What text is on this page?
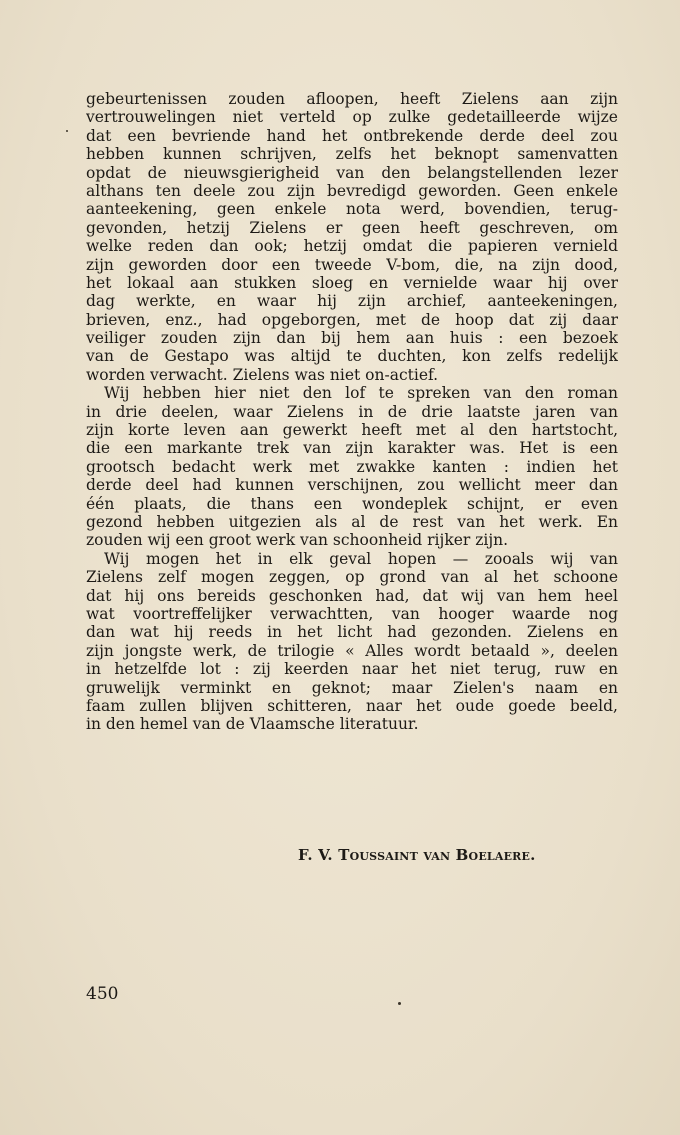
gebeurtenissen zouden afloopen, heeft Zielens aan zijn
vertrouwelingen niet verteld op zulke gedetailleerde wijze
dat een bevriende hand het ontbrekende derde deel zou
hebben kunnen schrijven, zelfs het beknopt samenvatten
opdat de nieuwsgierigheid van den belangstellenden lezer
althans ten deele zou zijn bevredigd geworden. Geen enkele
aanteekening, geen enkele nota werd, bovendien, terug-
gevonden, hetzij Zielens er geen heeft geschreven, om
welke reden dan ook; hetzij omdat die papieren vernield
zijn geworden door een tweede V-bom, die, na zijn dood,
het lokaal aan stukken sloeg en vernielde waar hij over
dag werkte, en waar hij zijn archief, aanteekeningen,
brieven, enz., had opgeborgen, met de hoop dat zij daar
veiliger zouden zijn dan bij hem aan huis : een bezoek
van de Gestapo was altijd te duchten, kon zelfs redelijk
worden verwacht. Zielens was niet on-actief.
Wij hebben hier niet den lof te spreken van den roman
in drie deelen, waar Zielens in de drie laatste jaren van
zijn korte leven aan gewerkt heeft met al den hartstocht,
die een markante trek van zijn karakter was. Het is een
grootsch bedacht werk met zwakke kanten : indien het
derde deel had kunnen verschijnen, zou wellicht meer dan
één plaats, die thans een wondeplek schijnt, er even
gezond hebben uitgezien als al de rest van het werk. En
zouden wij een groot werk van schoonheid rijker zijn.
Wij mogen het in elk geval hopen — zooals wij van
Zielens zelf mogen zeggen, op grond van al het schoone
dat hij ons bereids geschonken had, dat wij van hem heel
wat voortreffelijker verwachtten, van hooger waarde nog
dan wat hij reeds in het licht had gezonden. Zielens en
zijn jongste werk, de trilogie « Alles wordt betaald », deelen
in hetzelfde lot : zij keerden naar het niet terug, ruw en
gruwelijk verminkt en geknot; maar Zielen's naam en
faam zullen blijven schitteren, naar het oude goede beeld,
in den hemel van de Vlaamsche literatuur.
F. V. Toussaint van Boelaere.
450
